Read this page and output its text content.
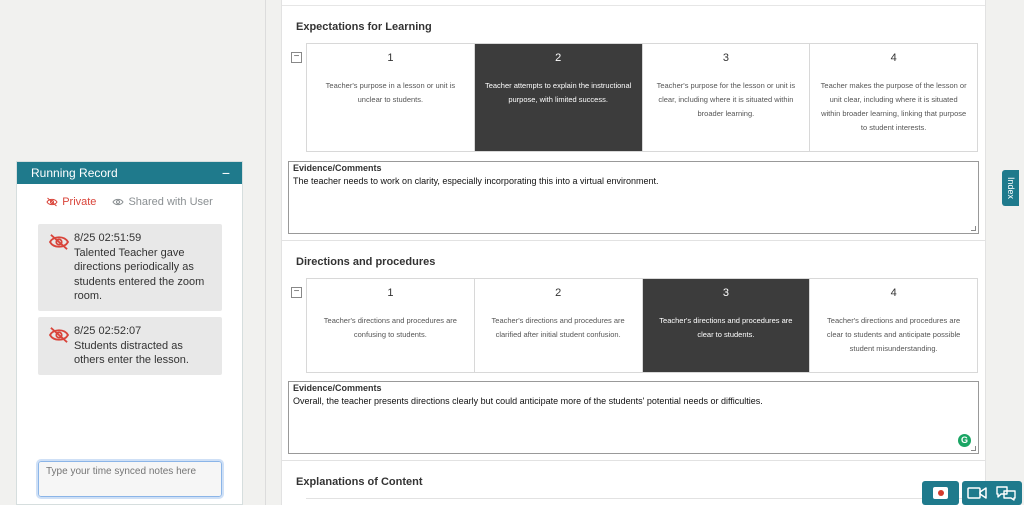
Running Record	−
Private	Shared with User
8/25 02:51:59
Talented Teacher gave directions periodically as students entered the zoom room.
8/25 02:52:07
Students distracted as others enter the lesson.
Type your time synced notes here
Expectations for Learning
−	1
Teacher's purpose in a lesson or unit is unclear to students.
2
Teacher attempts to explain the instructional purpose, with limited success.
3
Teacher's purpose for the lesson or unit is clear, including where it is situated within broader learning.
4
Teacher makes the purpose of the lesson or unit clear, including where it is situated within broader learning, linking that purpose to student interests.
Evidence/Comments
The teacher needs to work on clarity, especially incorporating this into a virtual environment.
Directions and procedures
−	1
Teacher's directions and procedures are confusing to students.
2
Teacher's directions and procedures are clarified after initial student confusion.
3
Teacher's directions and procedures are clear to students.
4
Teacher's directions and procedures are clear to students and anticipate possible student misunderstanding.
Evidence/Comments
Overall, the teacher presents directions clearly but could anticipate more of the students' potential needs or difficulties.
G
Explanations of Content
Index
